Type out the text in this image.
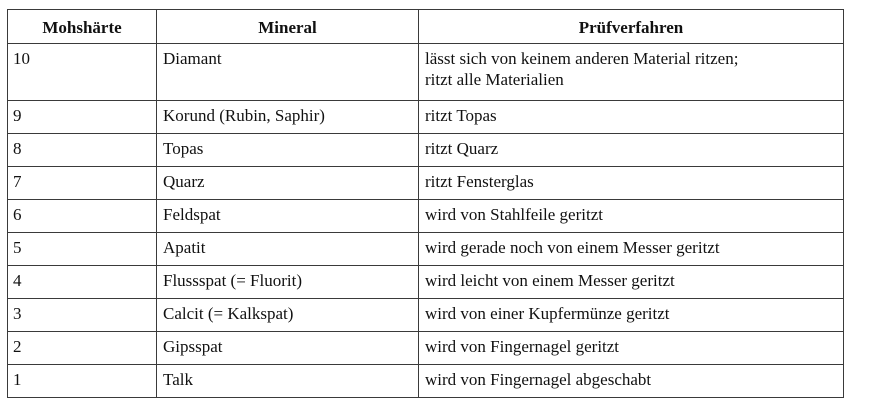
Mohshärte	Mineral	Prüfverfahren
10	Diamant	lässt sich von keinem anderen Material ritzen;
ritzt alle Materialien
9	Korund (Rubin, Saphir)	ritzt Topas
8	Topas	ritzt Quarz
7	Quarz	ritzt Fensterglas
6	Feldspat	wird von Stahlfeile geritzt
5	Apatit	wird gerade noch von einem Messer geritzt
4	Flussspat (= Fluorit)	wird leicht von einem Messer geritzt
3	Calcit (= Kalkspat)	wird von einer Kupfermünze geritzt
2	Gipsspat	wird von Fingernagel geritzt
1	Talk	wird von Fingernagel abgeschabt
